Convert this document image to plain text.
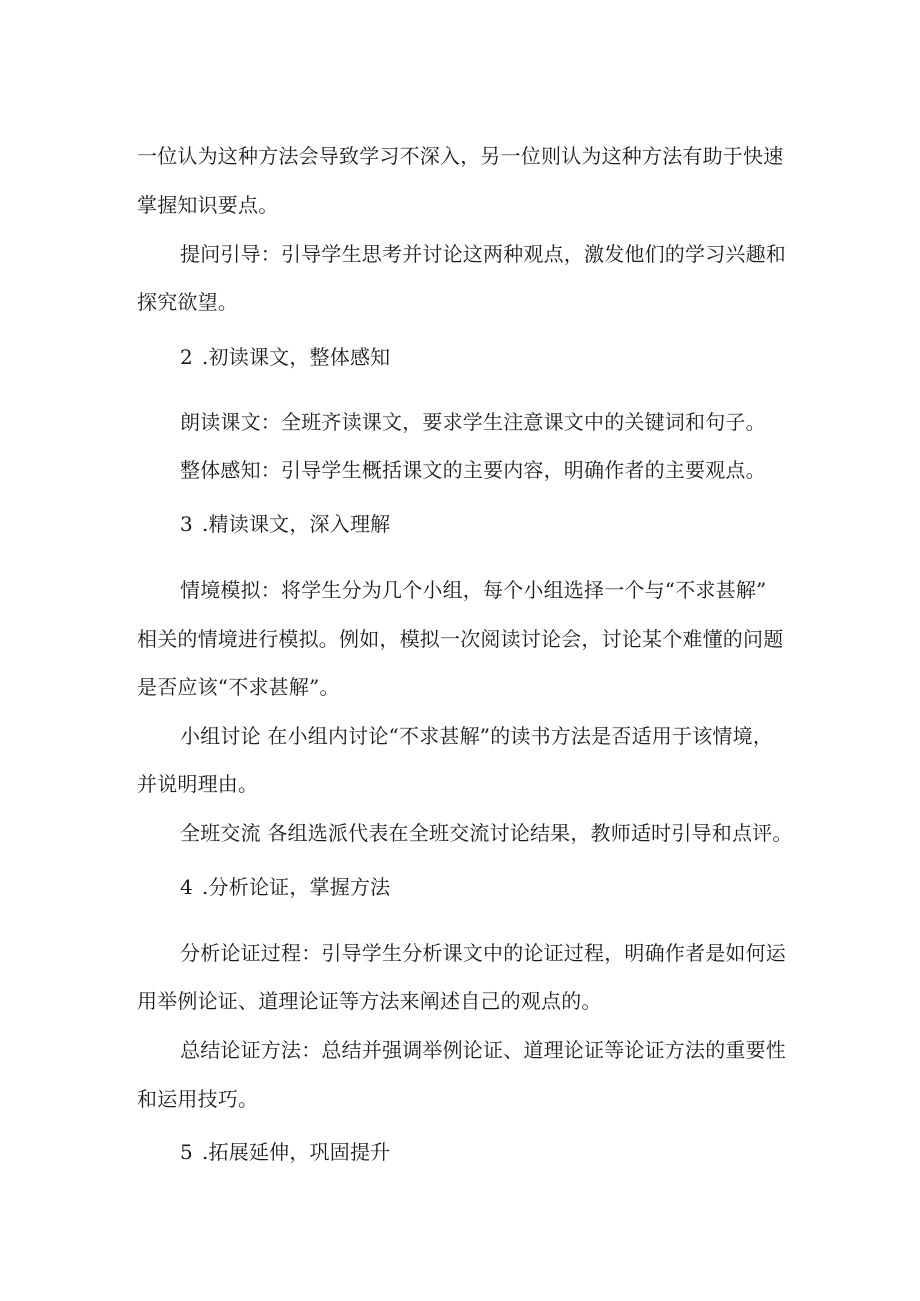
一位认为这种方法会导致学习不深入，另一位则认为这种方法有助于快速
掌握知识要点。
提问引导：引导学生思考并讨论这两种观点，激发他们的学习兴趣和
探究欲望。
2 .初读课文，整体感知
朗读课文：全班齐读课文，要求学生注意课文中的关键词和句子。
整体感知：引导学生概括课文的主要内容，明确作者的主要观点。
3 .精读课文，深入理解
情境模拟：将学生分为几个小组，每个小组选择一个与“不求甚解”
相关的情境进行模拟。例如，模拟一次阅读讨论会，讨论某个难懂的问题
是否应该“不求甚解”。
小组讨论 在小组内讨论“不求甚解”的读书方法是否适用于该情境，
并说明理由。
全班交流 各组选派代表在全班交流讨论结果，教师适时引导和点评。
4 .分析论证，掌握方法
分析论证过程：引导学生分析课文中的论证过程，明确作者是如何运
用举例论证、道理论证等方法来阐述自己的观点的。
总结论证方法：总结并强调举例论证、道理论证等论证方法的重要性
和运用技巧。
5 .拓展延伸，巩固提升
